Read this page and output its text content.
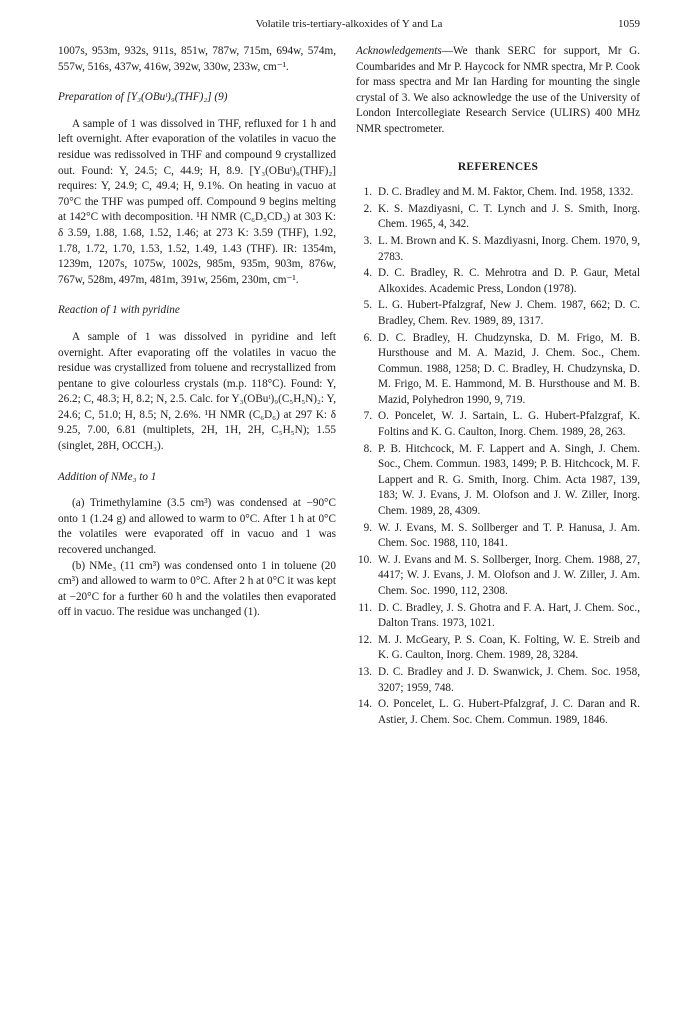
Volatile tris-tertiary-alkoxides of Y and La	1059

1007s, 953m, 932s, 911s, 851w, 787w, 715m, 694w, 574m, 557w, 516s, 437w, 416w, 392w, 330w, 233w, cm⁻¹.

Preparation of [Y₃(OBuᵗ)₉(THF)₂] (9)

A sample of 1 was dissolved in THF, refluxed for 1 h and left overnight. After evaporation of the volatiles in vacuo the residue was redissolved in THF and compound 9 crystallized out. Found: Y, 24.5; C, 44.9; H, 8.9. [Y₃(OBuᵗ)₉(THF)₂] requires: Y, 24.9; C, 49.4; H, 9.1%. On heating in vacuo at 70°C the THF was pumped off. Compound 9 begins melting at 142°C with decomposition. ¹H NMR (C₆D₅CD₃) at 303 K: δ 3.59, 1.88, 1.68, 1.52, 1.46; at 273 K: 3.59 (THF), 1.92, 1.78, 1.72, 1.70, 1.53, 1.52, 1.49, 1.43 (THF). IR: 1354m, 1239m, 1207s, 1075w, 1002s, 985m, 935m, 903m, 876w, 767w, 528m, 497m, 481m, 391w, 256m, 230m, cm⁻¹.

Reaction of 1 with pyridine

A sample of 1 was dissolved in pyridine and left overnight. After evaporating off the volatiles in vacuo the residue was crystallized from toluene and recrystallized from pentane to give colourless crystals (m.p. 118°C). Found: Y, 26.2; C, 48.3; H, 8.2; N, 2.5. Calc. for Y₃(OBuᵗ)₉(C₅H₅N)₂: Y, 24.6; C, 51.0; H, 8.5; N, 2.6%. ¹H NMR (C₆D₆) at 297 K: δ 9.25, 7.00, 6.81 (multiplets, 2H, 1H, 2H, C₅H₅N); 1.55 (singlet, 28H, OCCH₃).

Addition of NMe₃ to 1

(a) Trimethylamine (3.5 cm³) was condensed at −90°C onto 1 (1.24 g) and allowed to warm to 0°C. After 1 h at 0°C the volatiles were evaporated off in vacuo and 1 was recovered unchanged.

(b) NMe₃ (11 cm³) was condensed onto 1 in toluene (20 cm³) and allowed to warm to 0°C. After 2 h at 0°C it was kept at −20°C for a further 60 h and the volatiles then evaporated off in vacuo. The residue was unchanged (1).

Acknowledgements—We thank SERC for support, Mr G. Coumbarides and Mr P. Haycock for NMR spectra, Mr P. Cook for mass spectra and Mr Ian Harding for mounting the single crystal of 3. We also acknowledge the use of the University of London Intercollegiate Research Service (ULIRS) 400 MHz NMR spectrometer.

REFERENCES
1. D. C. Bradley and M. M. Faktor, Chem. Ind. 1958, 1332.
2. K. S. Mazdiyasni, C. T. Lynch and J. S. Smith, Inorg. Chem. 1965, 4, 342.
3. L. M. Brown and K. S. Mazdiyasni, Inorg. Chem. 1970, 9, 2783.
4. D. C. Bradley, R. C. Mehrotra and D. P. Gaur, Metal Alkoxides. Academic Press, London (1978).
5. L. G. Hubert-Pfalzgraf, New J. Chem. 1987, 662; D. C. Bradley, Chem. Rev. 1989, 89, 1317.
6. D. C. Bradley, H. Chudzynska, D. M. Frigo, M. B. Hursthouse and M. A. Mazid, J. Chem. Soc., Chem. Commun. 1988, 1258; D. C. Bradley, H. Chudzynska, D. M. Frigo, M. E. Hammond, M. B. Hursthouse and M. B. Mazid, Polyhedron 1990, 9, 719.
7. O. Poncelet, W. J. Sartain, L. G. Hubert-Pfalzgraf, K. Foltins and K. G. Caulton, Inorg. Chem. 1989, 28, 263.
8. P. B. Hitchcock, M. F. Lappert and A. Singh, J. Chem. Soc., Chem. Commun. 1983, 1499; P. B. Hitchcock, M. F. Lappert and R. G. Smith, Inorg. Chim. Acta 1987, 139, 183; W. J. Evans, J. M. Olofson and J. W. Ziller, Inorg. Chem. 1989, 28, 4309.
9. W. J. Evans, M. S. Sollberger and T. P. Hanusa, J. Am. Chem. Soc. 1988, 110, 1841.
10. W. J. Evans and M. S. Sollberger, Inorg. Chem. 1988, 27, 4417; W. J. Evans, J. M. Olofson and J. W. Ziller, J. Am. Chem. Soc. 1990, 112, 2308.
11. D. C. Bradley, J. S. Ghotra and F. A. Hart, J. Chem. Soc., Dalton Trans. 1973, 1021.
12. M. J. McGeary, P. S. Coan, K. Folting, W. E. Streib and K. G. Caulton, Inorg. Chem. 1989, 28, 3284.
13. D. C. Bradley and J. D. Swanwick, J. Chem. Soc. 1958, 3207; 1959, 748.
14. O. Poncelet, L. G. Hubert-Pfalzgraf, J. C. Daran and R. Astier, J. Chem. Soc. Chem. Commun. 1989, 1846.
